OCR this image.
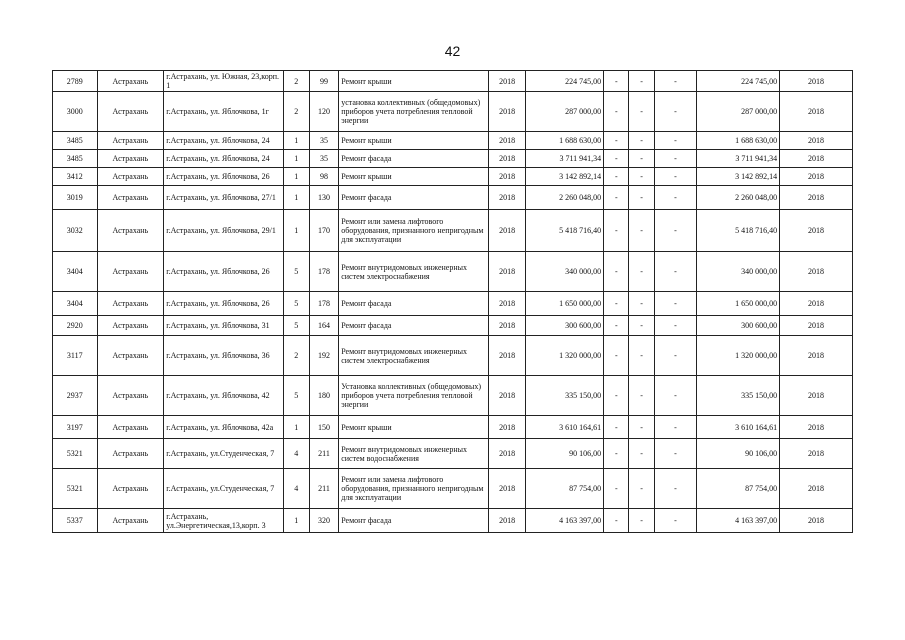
42
2789	Астрахань	г.Астрахань, ул. Южная, 23,корп. 1	2	99	Ремонт крыши	2018	224 745,00	-	-	-	224 745,00	2018
3000	Астрахань	г.Астрахань, ул. Яблочкова, 1г	2	120	установка коллективных (общедомовых) приборов учета потребления тепловой энергии	2018	287 000,00	-	-	-	287 000,00	2018
3485	Астрахань	г.Астрахань, ул. Яблочкова, 24	1	35	Ремонт крыши	2018	1 688 630,00	-	-	-	1 688 630,00	2018
3485	Астрахань	г.Астрахань, ул. Яблочкова, 24	1	35	Ремонт фасада	2018	3 711 941,34	-	-	-	3 711 941,34	2018
3412	Астрахань	г.Астрахань, ул. Яблочкова, 26	1	98	Ремонт крыши	2018	3 142 892,14	-	-	-	3 142 892,14	2018
3019	Астрахань	г.Астрахань, ул. Яблочкова, 27/1	1	130	Ремонт фасада	2018	2 260 048,00	-	-	-	2 260 048,00	2018
3032	Астрахань	г.Астрахань, ул. Яблочкова, 29/1	1	170	Ремонт или замена лифтового оборудования, признанного непригодным для эксплуатации	2018	5 418 716,40	-	-	-	5 418 716,40	2018
3404	Астрахань	г.Астрахань, ул. Яблочкова, 26	5	178	Ремонт внутридомовых инженерных систем электроснабжения	2018	340 000,00	-	-	-	340 000,00	2018
3404	Астрахань	г.Астрахань, ул. Яблочкова, 26	5	178	Ремонт фасада	2018	1 650 000,00	-	-	-	1 650 000,00	2018
2920	Астрахань	г.Астрахань, ул. Яблочкова, 31	5	164	Ремонт фасада	2018	300 600,00	-	-	-	300 600,00	2018
3117	Астрахань	г.Астрахань, ул. Яблочкова, 36	2	192	Ремонт внутридомовых инженерных систем электроснабжения	2018	1 320 000,00	-	-	-	1 320 000,00	2018
2937	Астрахань	г.Астрахань, ул. Яблочкова, 42	5	180	Установка коллективных (общедомовых) приборов учета потребления тепловой энергии	2018	335 150,00	-	-	-	335 150,00	2018
3197	Астрахань	г.Астрахань, ул. Яблочкова, 42а	1	150	Ремонт крыши	2018	3 610 164,61	-	-	-	3 610 164,61	2018
5321	Астрахань	г.Астрахань, ул.Студенческая, 7	4	211	Ремонт внутридомовых инженерных систем водоснабжения	2018	90 106,00	-	-	-	90 106,00	2018
5321	Астрахань	г.Астрахань, ул.Студенческая, 7	4	211	Ремонт или замена лифтового оборудования, признанного непригодным для эксплуатации	2018	87 754,00	-	-	-	87 754,00	2018
5337	Астрахань	г.Астрахань, ул.Энергетическая,13,корп. 3	1	320	Ремонт фасада	2018	4 163 397,00	-	-	-	4 163 397,00	2018
